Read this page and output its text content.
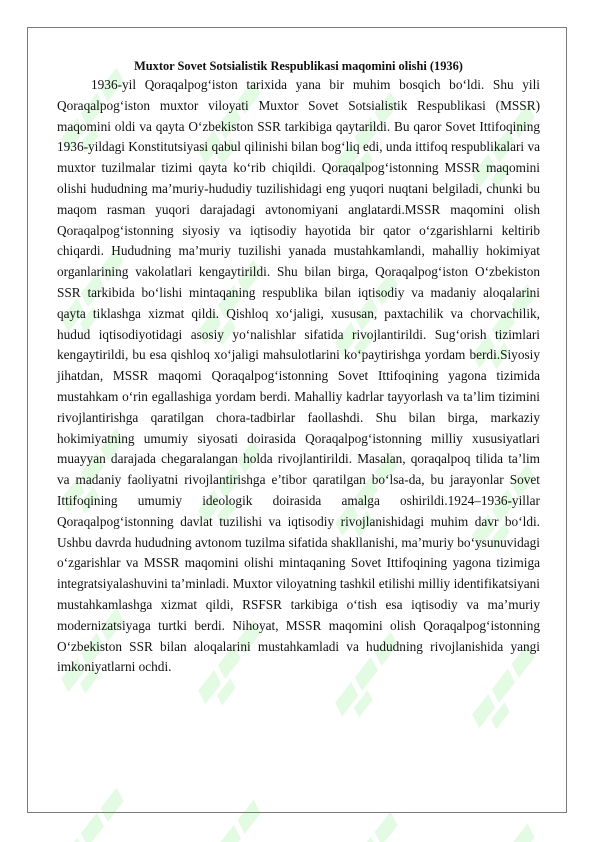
Muxtor Sovet Sotsialistik Respublikasi maqomini olishi (1936)

1936-yil Qoraqalpog‘iston tarixida yana bir muhim bosqich bo‘ldi. Shu yili Qoraqalpog‘iston muxtor viloyati Muxtor Sovet Sotsialistik Respublikasi (MSSR) maqomini oldi va qayta O‘zbekiston SSR tarkibiga qaytarildi. Bu qaror Sovet Ittifoqining 1936-yildagi Konstitutsiyasi qabul qilinishi bilan bog‘liq edi, unda ittifoq respublikalari va muxtor tuzilmalar tizimi qayta ko‘rib chiqildi. Qoraqalpog‘istonning MSSR maqomini olishi hududning ma’muriy-hududiy tuzilishidagi eng yuqori nuqtani belgiladi, chunki bu maqom rasman yuqori darajadagi avtonomiyani anglatardi.MSSR maqomini olish Qoraqalpog‘istonning siyosiy va iqtisodiy hayotida bir qator o‘zgarishlarni keltirib chiqardi. Hududning ma’muriy tuzilishi yanada mustahkamlandi, mahalliy hokimiyat organlarining vakolatlari kengaytirildi. Shu bilan birga, Qoraqalpog‘iston O‘zbekiston SSR tarkibida bo‘lishi mintaqaning respublika bilan iqtisodiy va madaniy aloqalarini qayta tiklashga xizmat qildi. Qishloq xo‘jaligi, xususan, paxtachilik va chorvachilik, hudud iqtisodiyotidagi asosiy yo‘nalishlar sifatida rivojlantirildi. Sug‘orish tizimlari kengaytirildi, bu esa qishloq xo‘jaligi mahsulotlarini ko‘paytirishga yordam berdi.Siyosiy jihatdan, MSSR maqomi Qoraqalpog‘istonning Sovet Ittifoqining yagona tizimida mustahkam o‘rin egallashiga yordam berdi. Mahalliy kadrlar tayyorlash va ta’lim tizimini rivojlantirishga qaratilgan chora-tadbirlar faollashdi. Shu bilan birga, markaziy hokimiyatning umumiy siyosati doirasida Qoraqalpog‘istonning milliy xususiyatlari muayyan darajada chegaralangan holda rivojlantirildi. Masalan, qoraqalpoq tilida ta’lim va madaniy faoliyatni rivojlantirishga e’tibor qaratilgan bo‘lsa-da, bu jarayonlar Sovet Ittifoqining umumiy ideologik doirasida amalga oshirildi.1924–1936-yillar Qoraqalpog‘istonning davlat tuzilishi va iqtisodiy rivojlanishidagi muhim davr bo‘ldi. Ushbu davrda hududning avtonom tuzilma sifatida shakllanishi, ma’muriy bo‘ysunuvidagi o‘zgarishlar va MSSR maqomini olishi mintaqaning Sovet Ittifoqining yagona tizimiga integratsiyalashuvini ta’minladi. Muxtor viloyatning tashkil etilishi milliy identifikatsiyani mustahkamlashga xizmat qildi, RSFSR tarkibiga o‘tish esa iqtisodiy va ma’muriy modernizatsiyaga turtki berdi. Nihoyat, MSSR maqomini olish Qoraqalpog‘istonning O‘zbekiston SSR bilan aloqalarini mustahkamladi va hududning rivojlanishida yangi imkoniyatlarni ochdi.
